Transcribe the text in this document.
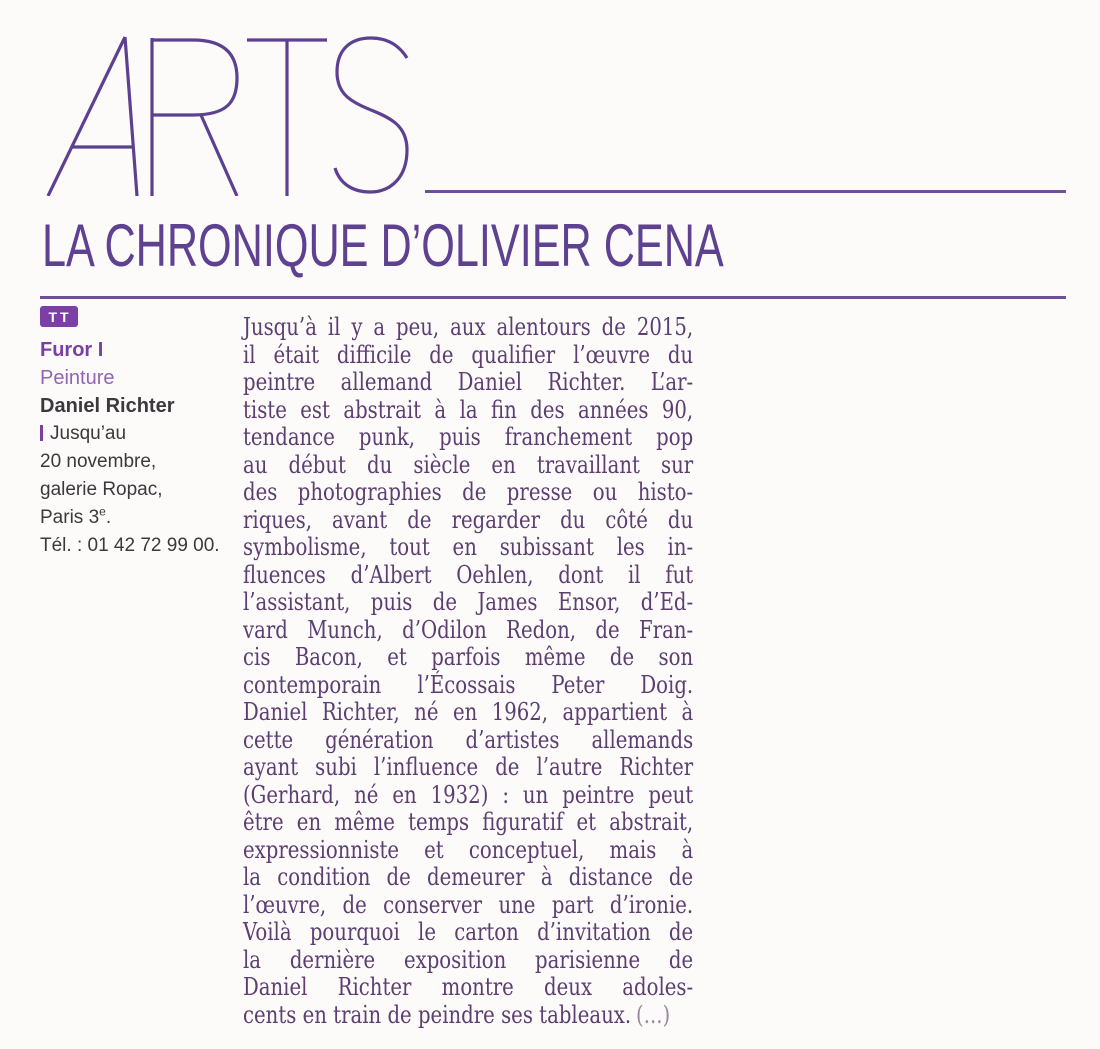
LA CHRONIQUE D’OLIVIER CENA
TT
Furor I
Peinture
Daniel Richter
Jusqu’au
20 novembre,
galerie Ropac,
Paris 3e.
Tél. : 01 42 72 99 00.
Jusqu’à il y a peu, aux alentours de 2015,
il était difficile de qualifier l’œuvre du
peintre allemand Daniel Richter. L’ar-
tiste est abstrait à la fin des années 90,
tendance punk, puis franchement pop
au début du siècle en travaillant sur
des photographies de presse ou histo-
riques, avant de regarder du côté du
symbolisme, tout en subissant les in-
fluences d’Albert Oehlen, dont il fut
l’assistant, puis de James Ensor, d’Ed-
vard Munch, d’Odilon Redon, de Fran-
cis Bacon, et parfois même de son
contemporain l’Écossais Peter Doig.
Daniel Richter, né en 1962, appartient à
cette génération d’artistes allemands
ayant subi l’influence de l’autre Richter
(Gerhard, né en 1932) : un peintre peut
être en même temps figuratif et abstrait,
expressionniste et conceptuel, mais à
la condition de demeurer à distance de
l’œuvre, de conserver une part d’ironie.
Voilà pourquoi le carton d’invitation de
la dernière exposition parisienne de
Daniel Richter montre deux adoles-
cents en train de peindre ses tableaux. (...)
